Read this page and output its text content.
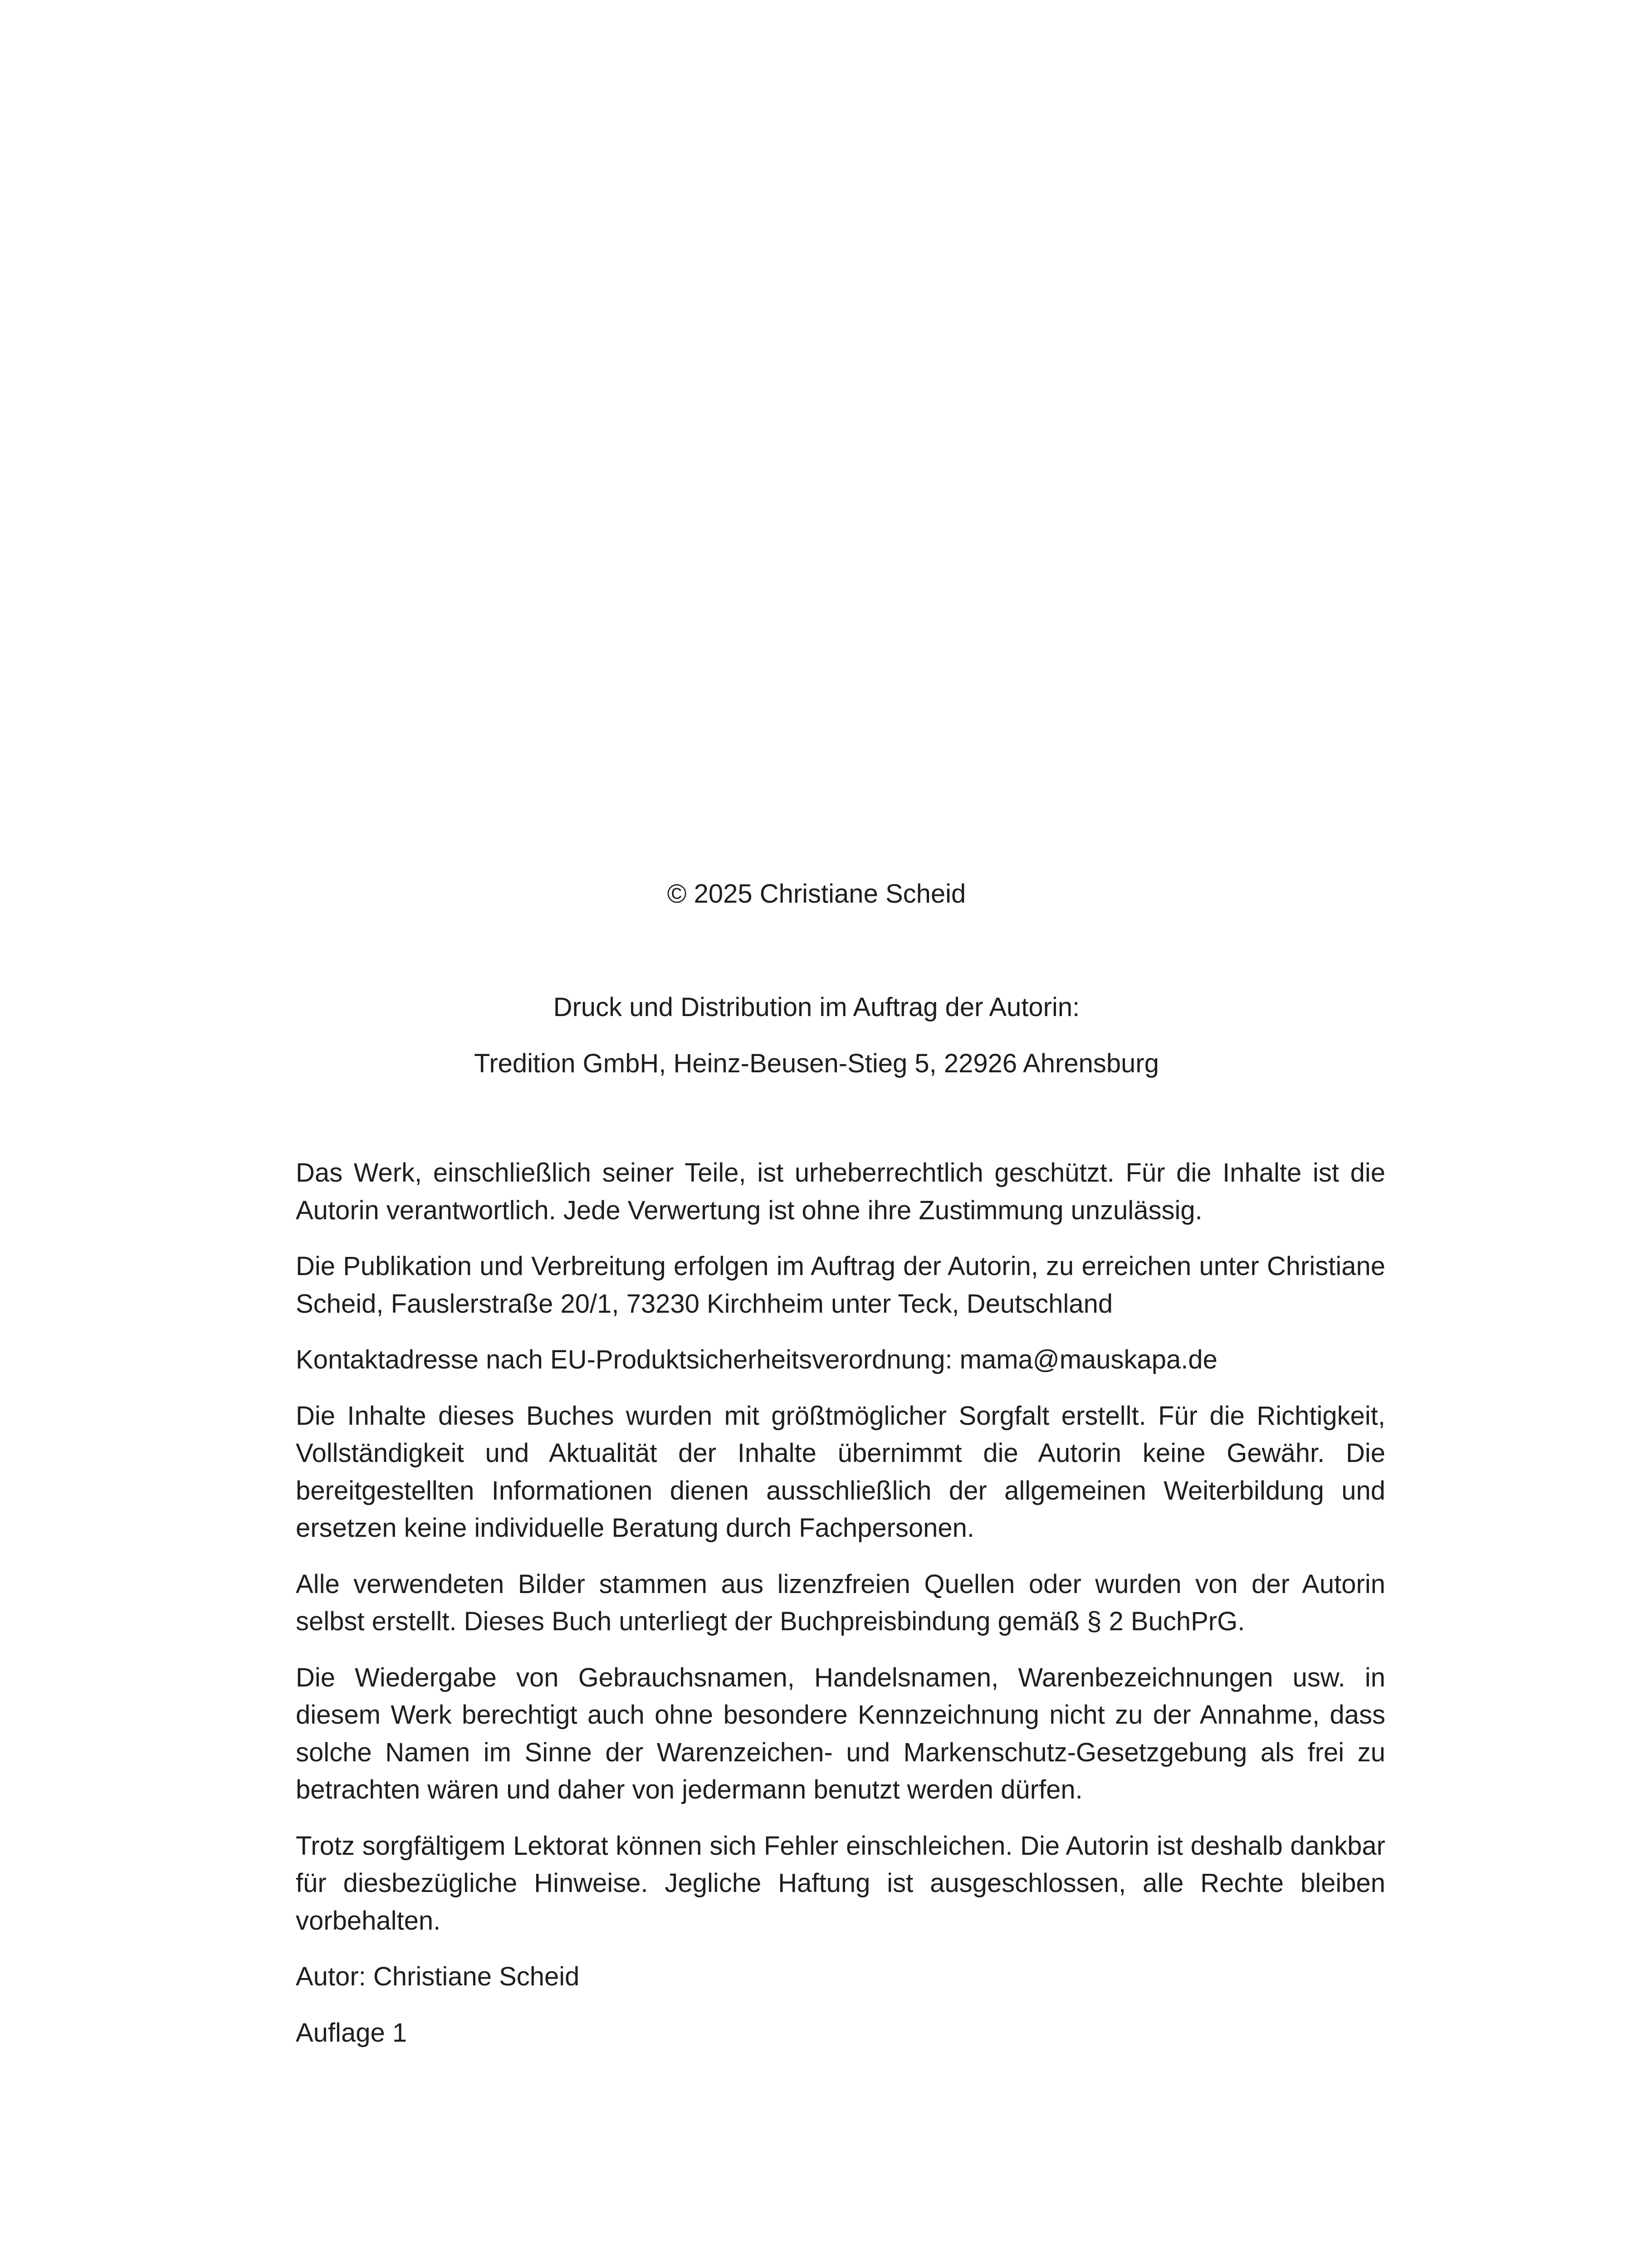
© 2025 Christiane Scheid
Druck und Distribution im Auftrag der Autorin:
Tredition GmbH, Heinz-Beusen-Stieg 5, 22926 Ahrensburg

Das Werk, einschließlich seiner Teile, ist urheberrechtlich geschützt. Für die Inhalte ist die Autorin verantwortlich. Jede Verwertung ist ohne ihre Zustimmung unzulässig.

Die Publikation und Verbreitung erfolgen im Auftrag der Autorin, zu erreichen unter Christiane Scheid, Fauslerstraße 20/1, 73230 Kirchheim unter Teck, Deutschland

Kontaktadresse nach EU-Produktsicherheitsverordnung: mama@mauskapa.de

Die Inhalte dieses Buches wurden mit größtmöglicher Sorgfalt erstellt. Für die Richtigkeit, Vollständigkeit und Aktualität der Inhalte übernimmt die Autorin keine Gewähr. Die bereitgestellten Informationen dienen ausschließlich der allgemeinen Weiterbildung und ersetzen keine individuelle Beratung durch Fachpersonen.

Alle verwendeten Bilder stammen aus lizenzfreien Quellen oder wurden von der Autorin selbst erstellt. Dieses Buch unterliegt der Buchpreisbindung gemäß § 2 BuchPrG.

Die Wiedergabe von Gebrauchsnamen, Handelsnamen, Warenbezeichnungen usw. in diesem Werk berechtigt auch ohne besondere Kennzeichnung nicht zu der Annahme, dass solche Namen im Sinne der Warenzeichen- und Markenschutz-Gesetzgebung als frei zu betrachten wären und daher von jedermann benutzt werden dürfen.

Trotz sorgfältigem Lektorat können sich Fehler einschleichen. Die Autorin ist deshalb dankbar für diesbezügliche Hinweise. Jegliche Haftung ist ausgeschlossen, alle Rechte bleiben vorbehalten.

Autor: Christiane Scheid

Auflage 1
